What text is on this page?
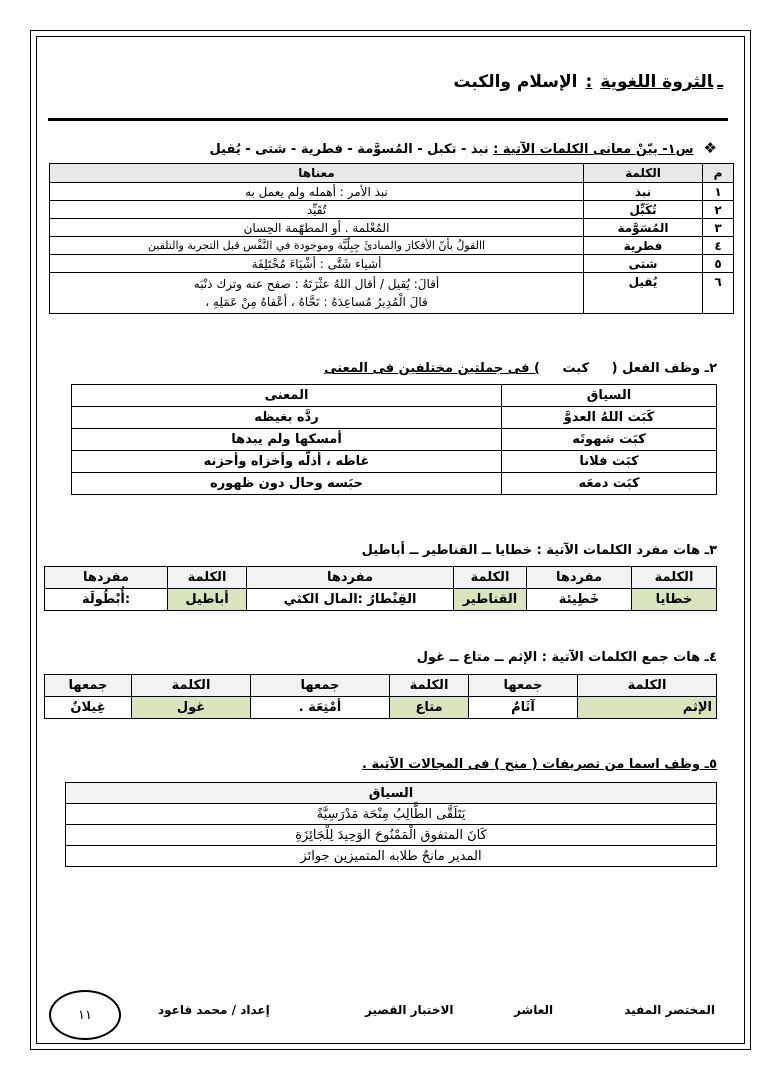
ـالثروة اللغوية:الإسلام والكبت
❖س١- بيّنْ معانى الكلمات الآتية : نبذ - تكبل - المُسوَّمة - فطرية - شتى - يُقيل
م	الكلمة	معناها
١	نبذ	نبذ الأمر : أهمله ولم يعمل به
٢	تُكَبِّل	تُقَيِّد
٣	المُسَوَّمة	المُعْلمة . أو المطهّمة الحِسان
٤	فطرية	االقولُ بأَنّ الأفكارَ والمبادئَ جِبِلّيَّة وموجودة في النَّفْس قبل التجربة والتلقين
٥	شتى	أشياء شَتَّى : أشْيَاءَ مُخْتَلِفَة
٦	يُقيل	أقالَ: يُقيل / أقال اللهُ عثْرَتَهُ : صفح عنه وترك ذنْبَه
قالَ الْمُدِيرُ مُساعِدَهُ : نَحَّاهُ ، أعْفاهُ مِنْ عَمَلِهِ ،
٢ـ وظف الفعل ( كبت ) فى جملتين مختلفين فى المعنى
السياق	المعنى
كَبَت اللهُ العدوَّ	ردَّه بغيظه
كبَت شهوتَه	أمسكها ولم يبدها
كبَت فلانا	غاظه ، أذلّه وأخزاه وأحزنه
كبَت دمعَه	حبَسه وحال دون ظهوره
٣ـ هات مفرد الكلمات الآتية : خطايا ــ القناطير ــ أباطيل
الكلمة	مفردها	الكلمة	مفردها	الكلمة	مفردها
خطايا	خَطِيئة	القناطير	القِنْطارُ :المال الكثي	أباطيل	:أُبْطُولَة
٤ـ هات جمع الكلمات الآتية : الإثم ــ متاع ــ غول
الكلمة	جمعها	الكلمة	جمعها	الكلمة	جمعها
الإثم	آثَامٌ	متاع	أمْتِعَة .	غول	غِيلانٌ
٥ـ وظف اسما من تصريفات ( منح ) فى المجالات الآتية .
السياق
يَتَلَقَّى الطَّالِبُ مِنْحَة مَدْرَسِيَّةً
كَانَ المتفوق الْمَمْنُوحَ الوَحِيدَ لِلْجَائِزَةِ
المدير مانحٌ طلابه المتميزين جوائز
المختصر المفيد
العاشر
الاختبار القصير
إعداد / محمد قاعود
١١
